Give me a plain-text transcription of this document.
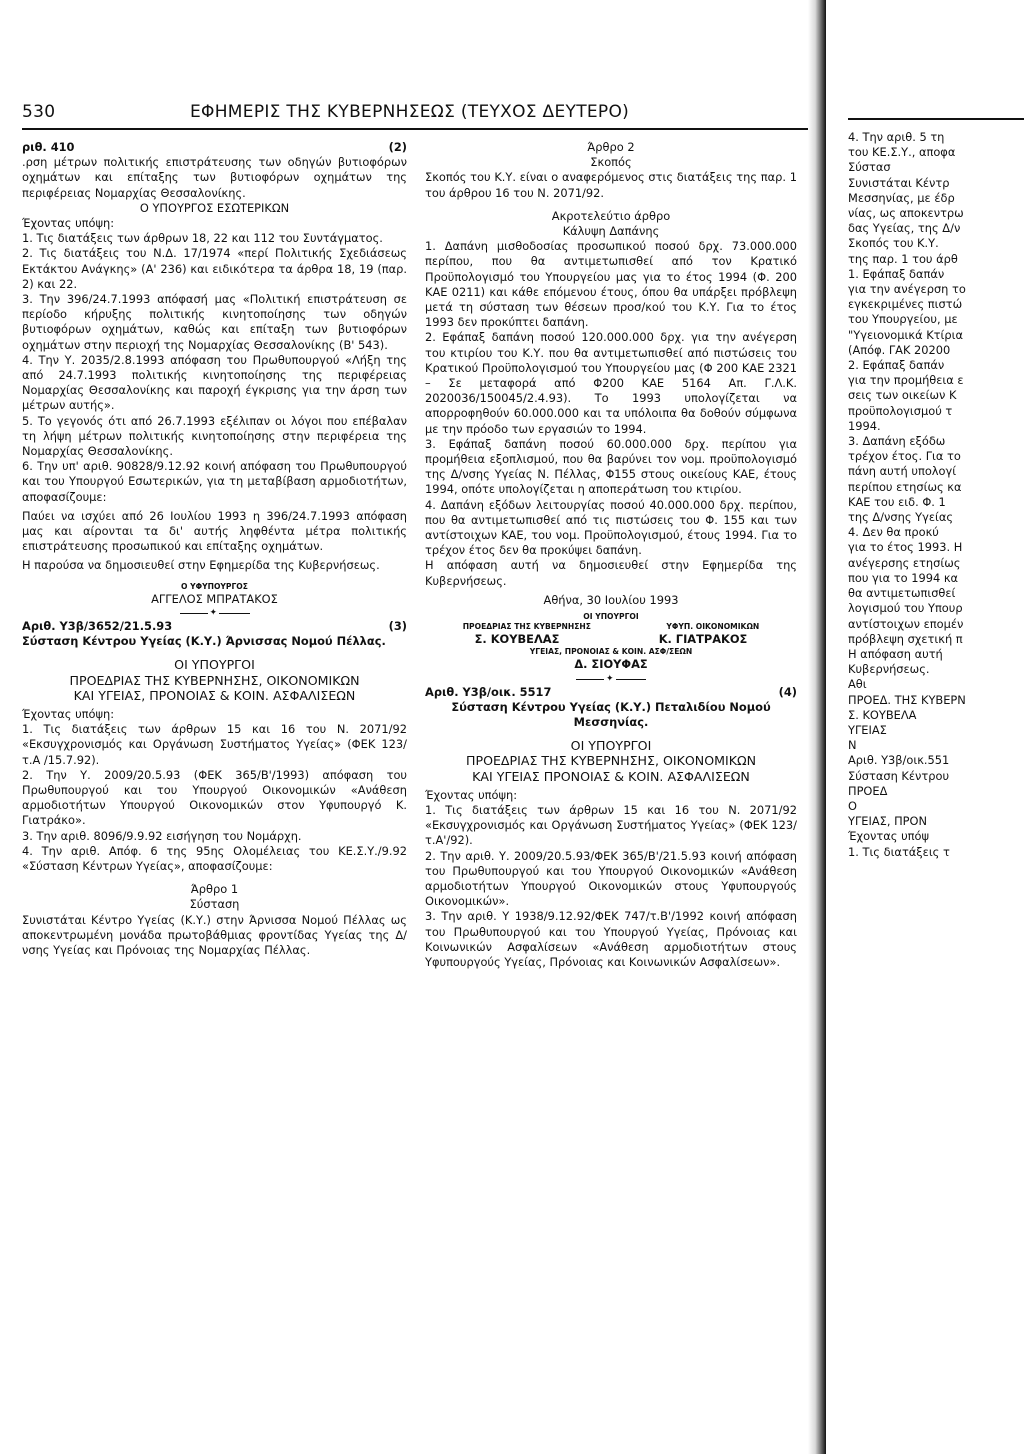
530	ΕΦΗΜΕΡΙΣ ΤΗΣ ΚΥΒΕΡΝΗΣΕΩΣ (ΤΕΥΧΟΣ ΔΕΥΤΕΡΟ)

ριθ. 410	(2)

.ρση μέτρων πολιτικής επιστράτευσης των οδηγών βυτιοφόρων οχημάτων και επίταξης των βυτιοφόρων οχημάτων της περιφέρειας Νομαρχίας Θεσσαλονίκης.

Ο ΥΠΟΥΡΓΟΣ ΕΣΩΤΕΡΙΚΩΝ

Έχοντας υπόψη:

1. Τις διατάξεις των άρθρων 18, 22 και 112 του Συντάγματος.

2. Τις διατάξεις του Ν.Δ. 17/1974 «περί Πολιτικής Σχεδιάσεως Εκτάκτου Ανάγκης» (Α' 236) και ειδικότερα τα άρθρα 18, 19 (παρ. 2) και 22.

3. Την 396/24.7.1993 απόφασή μας «Πολιτική επιστράτευση σε περίοδο κήρυξης πολιτικής κινητοποίησης των οδηγών βυτιοφόρων οχημάτων, καθώς και επίταξη των βυτιοφόρων οχημάτων στην περιοχή της Νομαρχίας Θεσσαλονίκης (Β' 543).

4. Την Υ. 2035/2.8.1993 απόφαση του Πρωθυπουργού «Λήξη της από 24.7.1993 πολιτικής κινητοποίησης της περιφέρειας Νομαρχίας Θεσσαλονίκης και παροχή έγκρισης για την άρση των μέτρων αυτής».

5. Το γεγονός ότι από 26.7.1993 εξέλιπαν οι λόγοι που επέβαλαν τη λήψη μέτρων πολιτικής κινητοποίησης στην περιφέρεια της Νομαρχίας Θεσσαλονίκης.

6. Την υπ' αριθ. 90828/9.12.92 κοινή απόφαση του Πρωθυπουργού και του Υπουργού Εσωτερικών, για τη μεταβίβαση αρμοδιοτήτων, αποφασίζουμε:

Παύει να ισχύει από 26 Ιουλίου 1993 η 396/24.7.1993 απόφαση μας και αίρονται τα δι' αυτής ληφθέντα μέτρα πολιτικής επιστράτευσης προσωπικού και επίταξης οχημάτων.

Η παρούσα να δημοσιευθεί στην Εφημερίδα της Κυβερνήσεως.

Ο ΥΦΥΠΟΥΡΓΟΣ

ΑΓΓΕΛΟΣ ΜΠΡΑΤΑΚΟΣ

✦

Αριθ. Υ3β/3652/21.5.93	(3)

Σύσταση Κέντρου Υγείας (Κ.Υ.) Άρνισσας Νομού Πέλλας.

ΟΙ ΥΠΟΥΡΓΟΙ

ΠΡΟΕΔΡΙΑΣ ΤΗΣ ΚΥΒΕΡΝΗΣΗΣ, ΟΙΚΟΝΟΜΙΚΩΝ

ΚΑΙ ΥΓΕΙΑΣ, ΠΡΟΝΟΙΑΣ & ΚΟΙΝ. ΑΣΦΑΛΙΣΕΩΝ

Έχοντας υπόψη:

1. Τις διατάξεις των άρθρων 15 και 16 του Ν. 2071/92 «Εκσυγχρονισμός και Οργάνωση Συστήματος Υγείας» (ΦΕΚ 123/τ.Α /15.7.92).

2. Την Υ. 2009/20.5.93 (ΦΕΚ 365/Β'/1993) απόφαση του Πρωθυπουργού και του Υπουργού Οικονομικών «Ανάθεση αρμοδιοτήτων Υπουργού Οικονομικών στον Υφυπουργό Κ. Γιατράκο».

3. Την αριθ. 8096/9.9.92 εισήγηση του Νομάρχη.

4. Την αριθ. Απόφ. 6 της 95ης Ολομέλειας του ΚΕ.Σ.Υ./9.92 «Σύσταση Κέντρων Υγείας», αποφασίζουμε:

Άρθρο 1

Σύσταση

Συνιστάται Κέντρο Υγείας (Κ.Υ.) στην Άρνισσα Νομού Πέλλας ως αποκεντρωμένη μονάδα πρωτοβάθμιας φροντίδας Υγείας της Δ/νσης Υγείας και Πρόνοιας της Νομαρχίας Πέλλας.

Άρθρο 2

Σκοπός

Σκοπός του Κ.Υ. είναι ο αναφερόμενος στις διατάξεις της παρ. 1 του άρθρου 16 του Ν. 2071/92.

Ακροτελεύτιο άρθρο

Κάλυψη Δαπάνης

1. Δαπάνη μισθοδοσίας προσωπικού ποσού δρχ. 73.000.000 περίπου, που θα αντιμετωπισθεί από τον Κρατικό Προϋπολογισμό του Υπουργείου μας για το έτος 1994 (Φ. 200 ΚΑΕ 0211) και κάθε επόμενου έτους, όπου θα υπάρξει πρόβλεψη μετά τη σύσταση των θέσεων προσ/κού του Κ.Υ. Για το έτος 1993 δεν προκύπτει δαπάνη.

2. Εφάπαξ δαπάνη ποσού 120.000.000 δρχ. για την ανέγερση του κτιρίου του Κ.Υ. που θα αντιμετωπισθεί από πιστώσεις του Κρατικού Προϋπολογισμού του Υπουργείου μας (Φ 200 ΚΑΕ 2321 – Σε μεταφορά από Φ200 ΚΑΕ 5164 Απ. Γ.Λ.Κ. 2020036/150045/2.4.93). Το 1993 υπολογίζεται να απορροφηθούν 60.000.000 και τα υπόλοιπα θα δοθούν σύμφωνα με την πρόοδο των εργασιών το 1994.

3. Εφάπαξ δαπάνη ποσού 60.000.000 δρχ. περίπου για προμήθεια εξοπλισμού, που θα βαρύνει τον νομ. προϋπολογισμό της Δ/νσης Υγείας Ν. Πέλλας, Φ155 στους οικείους ΚΑΕ, έτους 1994, οπότε υπολογίζεται η αποπεράτωση του κτιρίου.

4. Δαπάνη εξόδων λειτουργίας ποσού 40.000.000 δρχ. περίπου, που θα αντιμετωπισθεί από τις πιστώσεις του Φ. 155 και των αντίστοιχων ΚΑΕ, του νομ. Προϋπολογισμού, έτους 1994. Για το τρέχον έτος δεν θα προκύψει δαπάνη.

Η απόφαση αυτή να δημοσιευθεί στην Εφημερίδα της Κυβερνήσεως.

Αθήνα, 30 Ιουλίου 1993

ΟΙ ΥΠΟΥΡΓΟΙ

ΠΡΟΕΔΡΙΑΣ ΤΗΣ ΚΥΒΕΡΝΗΣΗΣ	ΥΦΥΠ. ΟΙΚΟΝΟΜΙΚΩΝ
Σ. ΚΟΥΒΕΛΑΣ	Κ. ΓΙΑΤΡΑΚΟΣ

ΥΓΕΙΑΣ, ΠΡΟΝΟΙΑΣ & ΚΟΙΝ. ΑΣΦ/ΣΕΩΝ

Δ. ΣΙΟΥΦΑΣ

✦

Αριθ. Υ3β/οικ. 5517	(4)

Σύσταση Κέντρου Υγείας (Κ.Υ.) Πεταλιδίου Νομού Μεσσηνίας.

ΟΙ ΥΠΟΥΡΓΟΙ

ΠΡΟΕΔΡΙΑΣ ΤΗΣ ΚΥΒΕΡΝΗΣΗΣ, ΟΙΚΟΝΟΜΙΚΩΝ

ΚΑΙ ΥΓΕΙΑΣ ΠΡΟΝΟΙΑΣ & ΚΟΙΝ. ΑΣΦΑΛΙΣΕΩΝ

Έχοντας υπόψη:

1. Τις διατάξεις των άρθρων 15 και 16 του Ν. 2071/92 «Εκσυγχρονισμός και Οργάνωση Συστήματος Υγείας» (ΦΕΚ 123/τ.Α'/92).

2. Την αριθ. Υ. 2009/20.5.93/ΦΕΚ 365/Β'/21.5.93 κοινή απόφαση του Πρωθυπουργού και του Υπουργού Οικονομικών «Ανάθεση αρμοδιοτήτων Υπουργού Οικονομικών στους Υφυπουργούς Οικονομικών».

3. Την αριθ. Υ 1938/9.12.92/ΦΕΚ 747/τ.Β'/1992 κοινή απόφαση του Πρωθυπουργού και του Υπουργού Υγείας, Πρόνοιας και Κοινωνικών Ασφαλίσεων «Ανάθεση αρμοδιοτήτων στους Υφυπουργούς Υγείας, Πρόνοιας και Κοινωνικών Ασφαλίσεων».

4. Την αριθ. 5 τη

του ΚΕ.Σ.Υ., αποφα

Σύστασ

Συνιστάται Κέντρ

Μεσσηνίας, με έδρ

νίας, ως αποκεντρω

δας Υγείας, της Δ/ν

Σκοπός του Κ.Υ.

της παρ. 1 του άρθ

1. Εφάπαξ δαπάν

για την ανέγερση το

εγκεκριμένες πιστώ

του Υπουργείου, με

"Υγειονομικά Κτίρια

(Απόφ. ΓΑΚ 20200

2. Εφάπαξ δαπάν

για την προμήθεια ε

σεις των οικείων Κ

προϋπολογισμού τ

1994.

3. Δαπάνη εξόδω

τρέχον έτος. Για το

πάνη αυτή υπολογί

περίπου ετησίως κα

ΚΑΕ του ειδ. Φ. 1

της Δ/νσης Υγείας

4. Δεν θα προκύ

για το έτος 1993. Η

ανέγερσης ετησίως

που για το 1994 κα

θα αντιμετωπισθεί

λογισμού του Υπουρ

αντίστοιχων επομέν

πρόβλεψη σχετική π

Η απόφαση αυτή

Κυβερνήσεως.

Αθι

ΠΡΟΕΔ. ΤΗΣ ΚΥΒΕΡΝ

Σ. ΚΟΥΒΕΛΑ

ΥΓΕΙΑΣ

Ν

Αριθ. Υ3β/οικ.551

Σύσταση Κέντρου

ΠΡΟΕΔ

Ο

ΥΓΕΙΑΣ, ΠΡΟΝ

Έχοντας υπόψ

1. Τις διατάξεις τ
